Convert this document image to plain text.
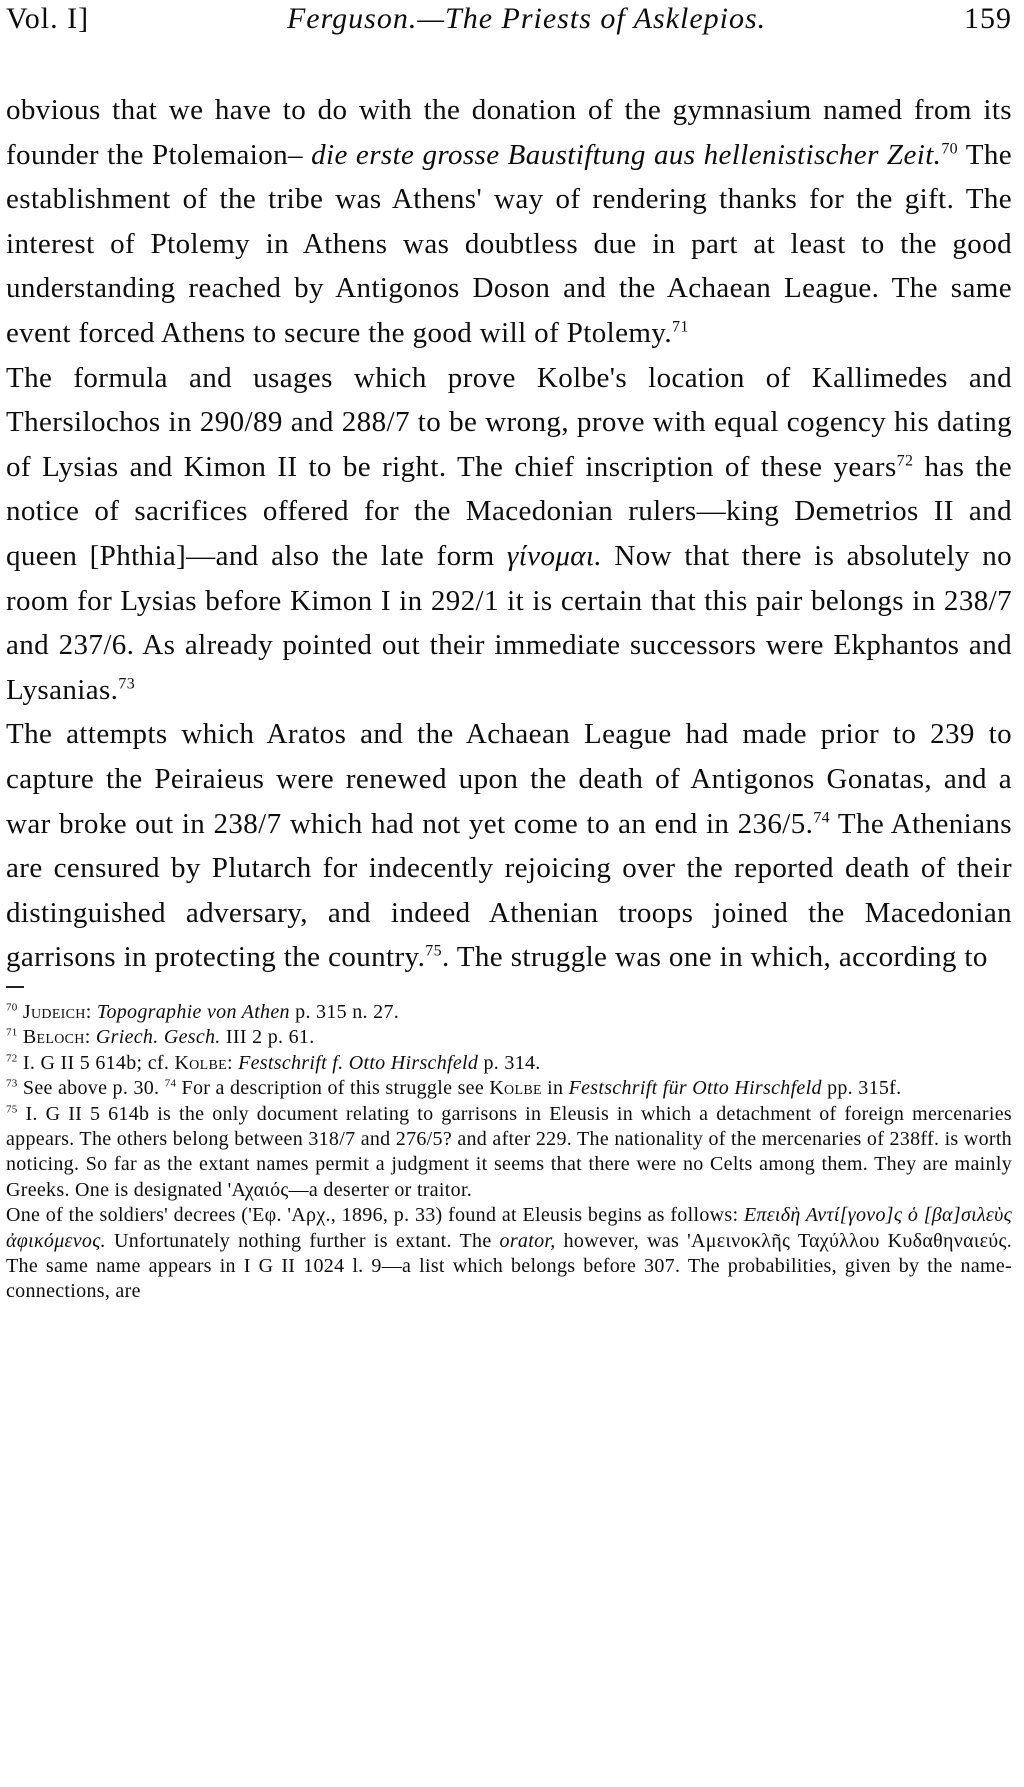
Vol. I]	Ferguson.—The Priests of Asklepios.	159

obvious that we have to do with the donation of the gymnasium named from its founder the Ptolemaion– die erste grosse Baustiftung aus hellenistischer Zeit.$^{70}$ The establishment of the tribe was Athens' way of rendering thanks for the gift. The interest of Ptolemy in Athens was doubtless due in part at least to the good understanding reached by Antigonos Doson and the Achaean League. The same event forced Athens to secure the good will of Ptolemy.$^{71}$

The formula and usages which prove Kolbe's location of Kallimedes and Thersilochos in 290/89 and 288/7 to be wrong, prove with equal cogency his dating of Lysias and Kimon II to be right. The chief inscription of these years$^{72}$ has the notice of sacrifices offered for the Macedonian rulers—king Demetrios II and queen [Phthia]—and also the late form γίνομαι. Now that there is absolutely no room for Lysias before Kimon I in 292/1 it is certain that this pair belongs in 238/7 and 237/6. As already pointed out their immediate successors were Ekphantos and Lysanias.$^{73}$

The attempts which Aratos and the Achaean League had made prior to 239 to capture the Peiraieus were renewed upon the death of Antigonos Gonatas, and a war broke out in 238/7 which had not yet come to an end in 236/5.74 The Athenians are censured by Plutarch for indecently rejoicing over the reported death of their distinguished adversary, and indeed Athenian troops joined the Macedonian garrisons in protecting the country.$^{75}$. The struggle was one in which, according to

$^{70}$ Judeich: Topographie von Athen p. 315 n. 27.

$^{71}$ Beloch: Griech. Gesch. III 2 p. 61.

$^{72}$ I. G II 5 614b; cf. Kolbe: Festschrift f. Otto Hirschfeld p. 314.

$^{73}$ See above p. 30. $^{74}$ For a description of this struggle see Kolbe in Festschrift für Otto Hirschfeld pp. 315f.

$^{75}$ I. G II 5 614b is the only document relating to garrisons in Eleusis in which a detachment of foreign mercenaries appears. The others belong between 318/7 and 276/5? and after 229. The nationality of the mercenaries of 238ff. is worth noticing. So far as the extant names permit a judgment it seems that there were no Celts among them. They are mainly Greeks. One is designated 'Αχαιός—a deserter or traitor.

One of the soldiers' decrees ('Eφ. 'Aρχ., 1896, p. 33) found at Eleusis begins as follows: Επειδὴ Αντί[γονο]ς ὁ [βα]σιλεὺς ἀφικόμενος. Unfortunately nothing further is extant. The orator, however, was 'Αμεινοκλῆς Ταχύλλου Κυδαθηναιεύς. The same name appears in I G II 1024 l. 9—a list which belongs before 307. The probabilities, given by the name-connections, are
